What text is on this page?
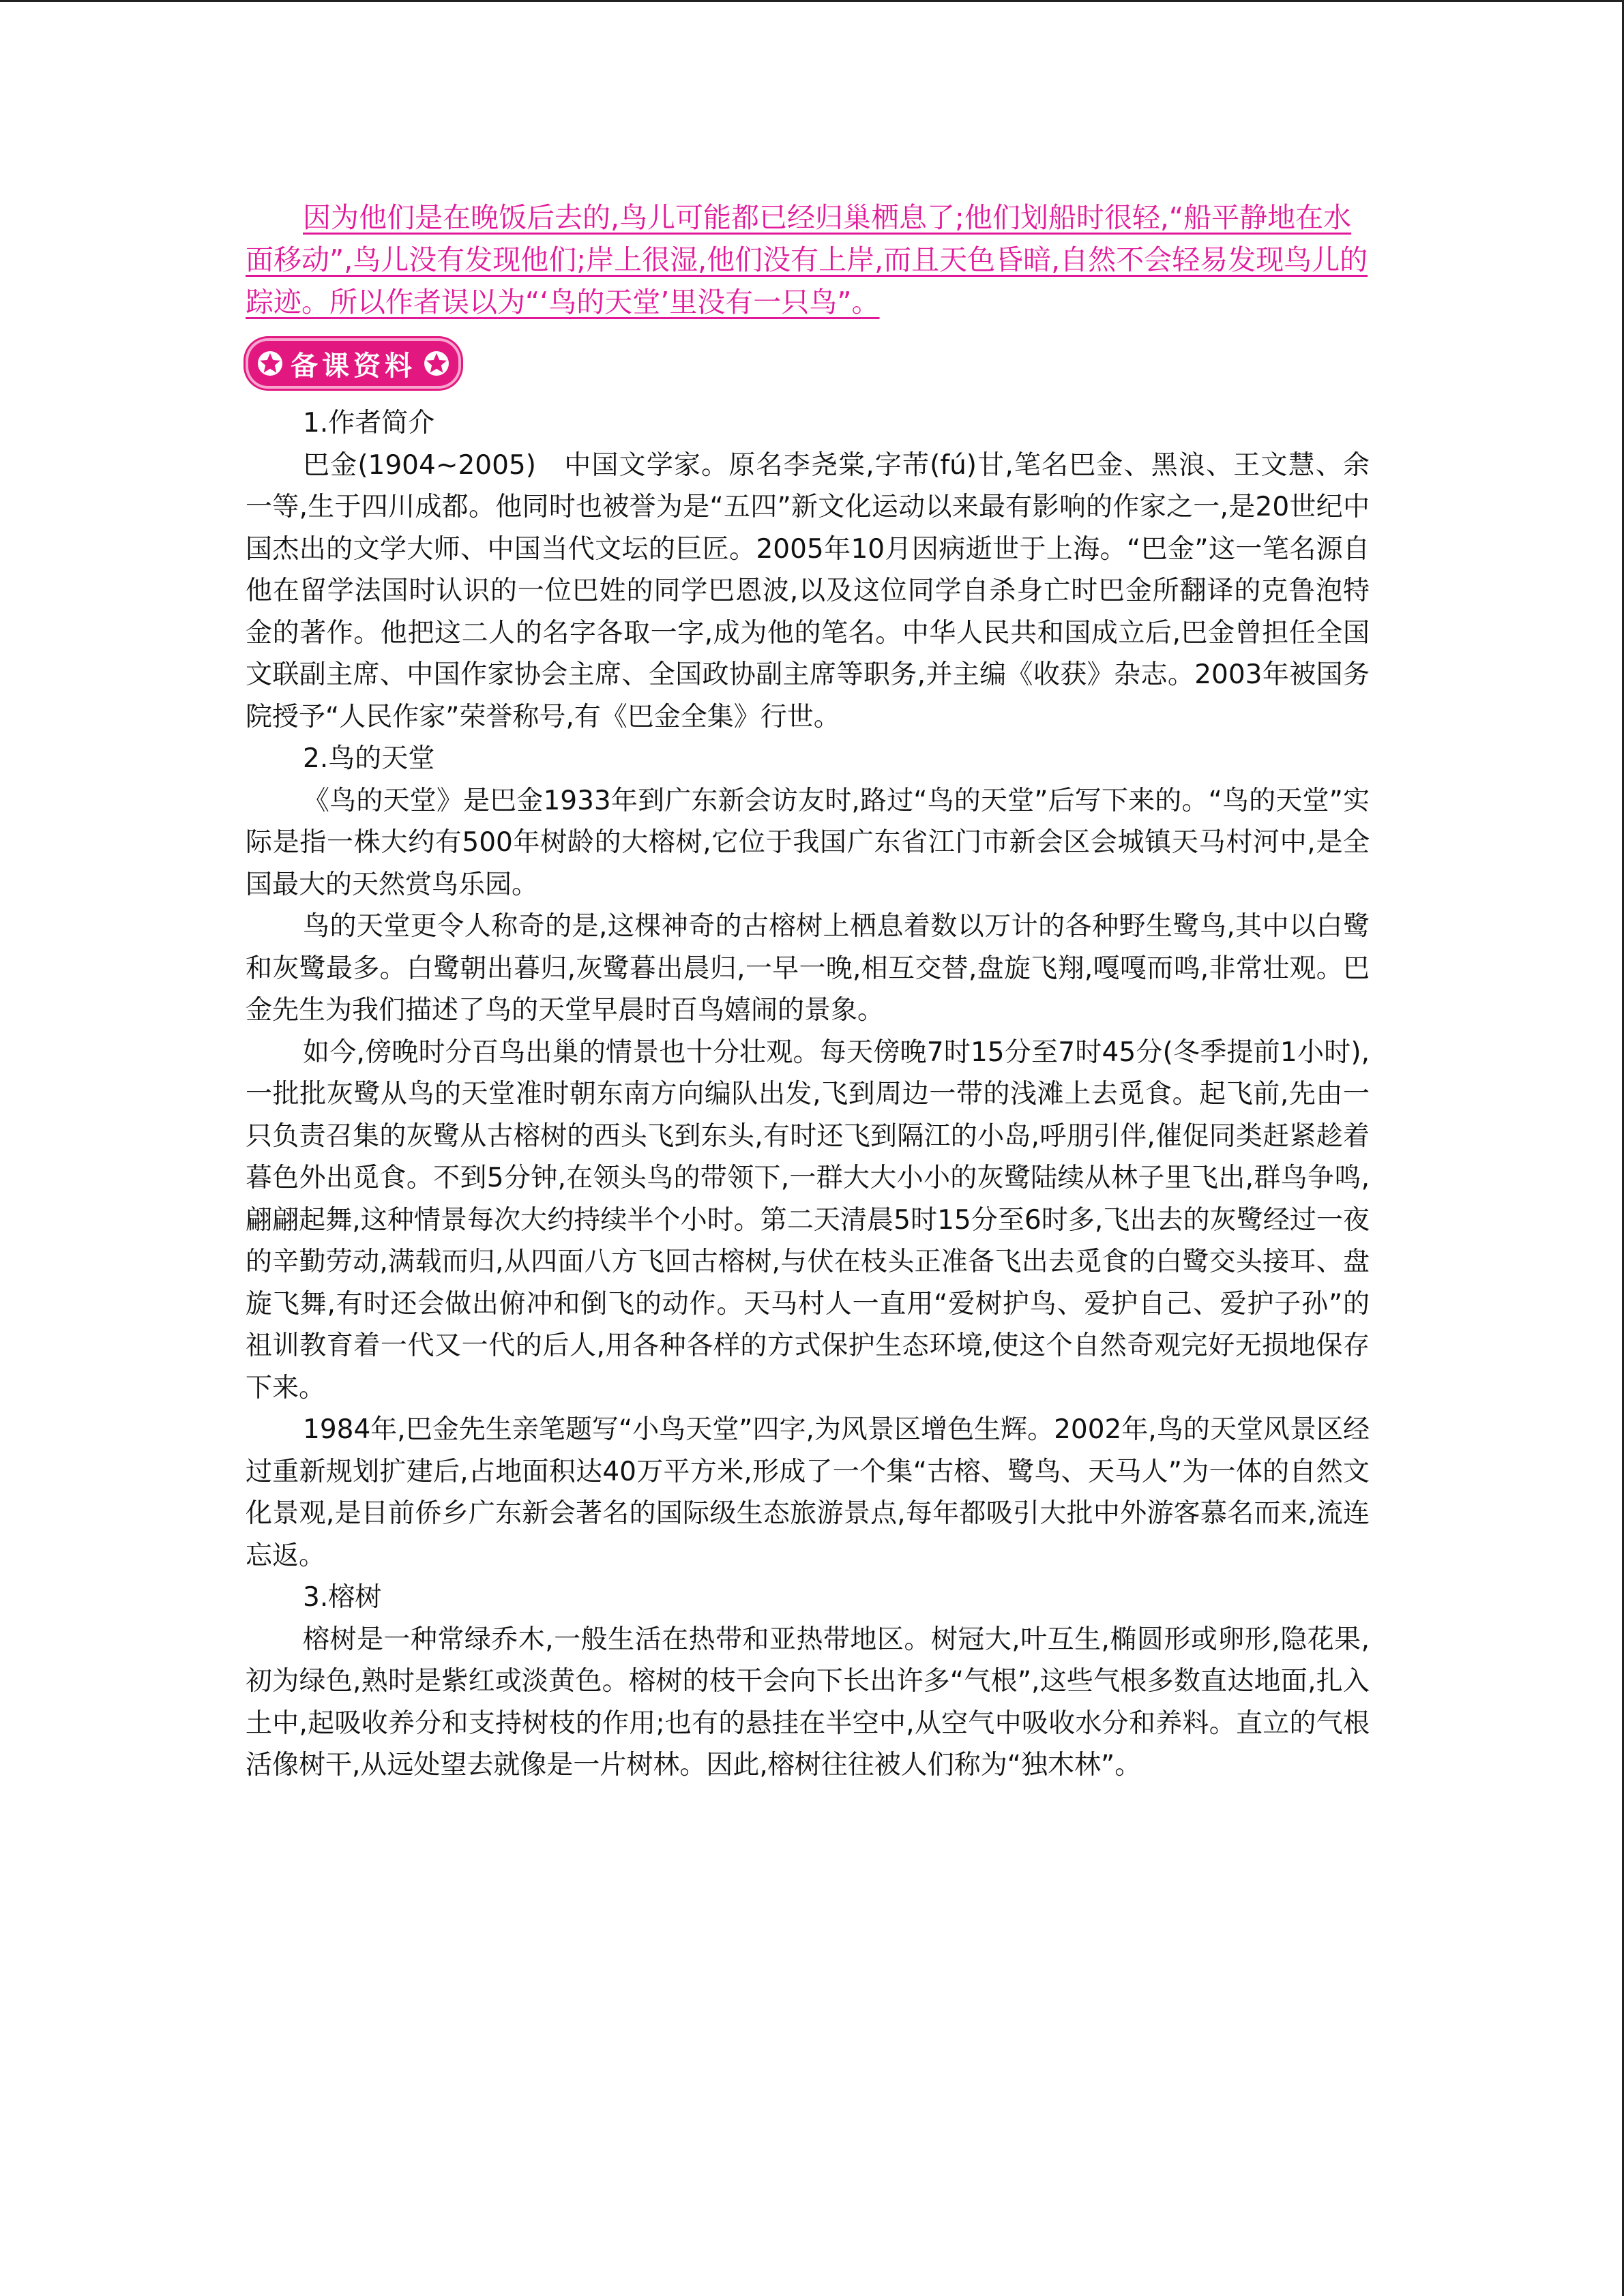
因为他们是在晚饭后去的,鸟儿可能都已经归巢栖息了;他们划船时很轻,“船平静地在水面移动”,鸟儿没有发现他们;岸上很湿,他们没有上岸,而且天色昏暗,自然不会轻易发现鸟儿的踪迹。所以作者误以为“‘鸟的天堂’里没有一只鸟”。

备课资料

1.作者简介

巴金(1904~2005)　中国文学家。原名李尧棠,字芾(fú)甘,笔名巴金、黑浪、王文慧、余一等,生于四川成都。他同时也被誉为是“五四”新文化运动以来最有影响的作家之一,是20世纪中国杰出的文学大师、中国当代文坛的巨匠。2005年10月因病逝世于上海。“巴金”这一笔名源自他在留学法国时认识的一位巴姓的同学巴恩波,以及这位同学自杀身亡时巴金所翻译的克鲁泡特金的著作。他把这二人的名字各取一字,成为他的笔名。中华人民共和国成立后,巴金曾担任全国文联副主席、中国作家协会主席、全国政协副主席等职务,并主编《收获》杂志。2003年被国务院授予“人民作家”荣誉称号,有《巴金全集》行世。

2.鸟的天堂

《鸟的天堂》是巴金1933年到广东新会访友时,路过“鸟的天堂”后写下来的。“鸟的天堂”实际是指一株大约有500年树龄的大榕树,它位于我国广东省江门市新会区会城镇天马村河中,是全国最大的天然赏鸟乐园。

鸟的天堂更令人称奇的是,这棵神奇的古榕树上栖息着数以万计的各种野生鹭鸟,其中以白鹭和灰鹭最多。白鹭朝出暮归,灰鹭暮出晨归,一早一晚,相互交替,盘旋飞翔,嘎嘎而鸣,非常壮观。巴金先生为我们描述了鸟的天堂早晨时百鸟嬉闹的景象。

如今,傍晚时分百鸟出巢的情景也十分壮观。每天傍晚7时15分至7时45分(冬季提前1小时),一批批灰鹭从鸟的天堂准时朝东南方向编队出发,飞到周边一带的浅滩上去觅食。起飞前,先由一只负责召集的灰鹭从古榕树的西头飞到东头,有时还飞到隔江的小岛,呼朋引伴,催促同类赶紧趁着暮色外出觅食。不到5分钟,在领头鸟的带领下,一群大大小小的灰鹭陆续从林子里飞出,群鸟争鸣,翩翩起舞,这种情景每次大约持续半个小时。第二天清晨5时15分至6时多,飞出去的灰鹭经过一夜的辛勤劳动,满载而归,从四面八方飞回古榕树,与伏在枝头正准备飞出去觅食的白鹭交头接耳、盘旋飞舞,有时还会做出俯冲和倒飞的动作。天马村人一直用“爱树护鸟、爱护自己、爱护子孙”的祖训教育着一代又一代的后人,用各种各样的方式保护生态环境,使这个自然奇观完好无损地保存下来。

1984年,巴金先生亲笔题写“小鸟天堂”四字,为风景区增色生辉。2002年,鸟的天堂风景区经过重新规划扩建后,占地面积达40万平方米,形成了一个集“古榕、鹭鸟、天马人”为一体的自然文化景观,是目前侨乡广东新会著名的国际级生态旅游景点,每年都吸引大批中外游客慕名而来,流连忘返。

3.榕树

榕树是一种常绿乔木,一般生活在热带和亚热带地区。树冠大,叶互生,椭圆形或卵形,隐花果,初为绿色,熟时是紫红或淡黄色。榕树的枝干会向下长出许多“气根”,这些气根多数直达地面,扎入土中,起吸收养分和支持树枝的作用;也有的悬挂在半空中,从空气中吸收水分和养料。直立的气根活像树干,从远处望去就像是一片树林。因此,榕树往往被人们称为“独木林”。
